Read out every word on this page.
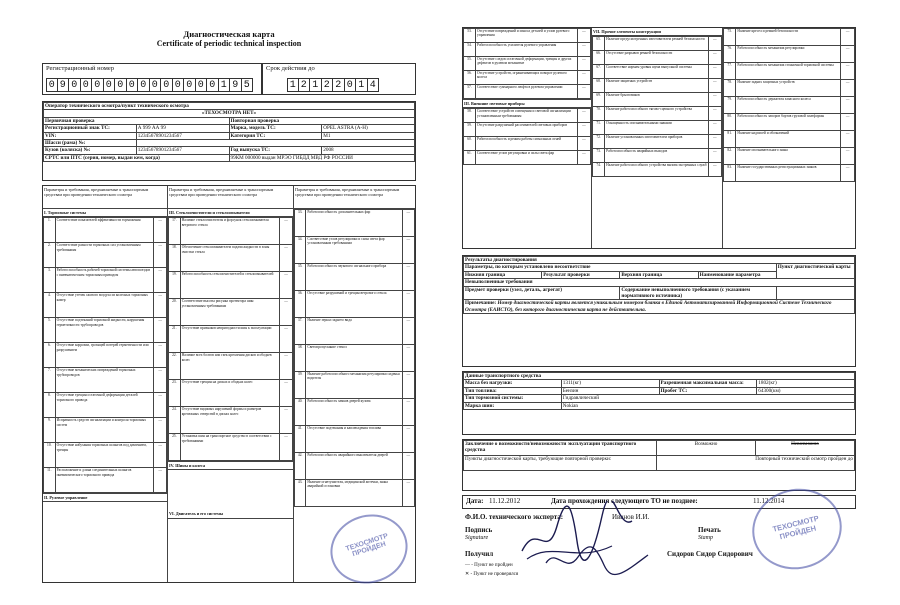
Диагностическая карта
Certificate of periodic technical inspection
Регистрационный номер
0 9 0 0 0 0 0 0 0 0 0 0 0 0 0 1 9 5
Срок действия до
1 2 1 2 2 0 1 4
Оператор технического осмотра/пункт технического осмотра			
«ТЕХОСМОТРА НЕТ»			
Первичная проверка		Повторная проверка	
Регистрационный знак ТС:	А 999 АА 99	Марка, модель ТС:	OPEL ASTRA (A-H)
VIN:	12345678901234567	Категория ТС:	M1
Шасси (рама) №:			
Кузов (коляска) №:	12345678901234567	Год выпуска ТС:	2008
СРТС или ПТС (серия, номер, выдан кем, когда)		99КМ 000000 выдан МРЭО ГИБДД МВД РФ РОССИИ	
Параметры и требования, предъявляемые к транспортным средствам при проведении технического осмотра
I. Тормозные системы
1.	Соответствие показателей эффективности торможения	—
2.	Соответствие разности тормозных сил установленным требованиям	—
3.	Работоспособность рабочей тормозной системы автопоездов с пневматическим тормозным приводом	—
4.	Отсутствие утечек сжатого воздуха из колесных тормозных камер	—
5.	Отсутствие подтеканий тормозной жидкости, нарушения герметичности трубопроводов	—
6.	Отсутствие коррозии, грозящей потерей герметичности или разрушением	—
7.	Отсутствие механических повреждений тормозных трубопроводов	—
8.	Отсутствие трещин остаточной деформации деталей тормозного привода	—
9.	Исправность средств сигнализации и контроля тормозных систем	—
10.	Отсутствие набухания тормозных шлангов под давлением, трещин	—
11.	Расположение и длина соединительных шлангов пневматического тормозного привода	—
II. Рулевое управление
Параметры и требования, предъявляемые к транспортным средствам при проведении технического осмотра
III. Стеклоочистители и стеклоомыватели
17.	Наличие стеклоочистителя и форсунок стеклоомывателя ветрового стекла	—
18.	Обеспечение стеклоомывателем подачи жидкости в зоны очистки стекла	—
19.	Работоспособность стеклоочистителей и стеклоомывателей	—
20.	Соответствие высоты рисунка протектора шин установленным требованиям	—
21.	Отсутствие признаков непригодности шин к эксплуатации	—
22.	Наличие всех болтов или гаек крепления дисков и ободьев колес	—
23.	Отсутствие трещин на дисках и ободьях колес	—
24.	Отсутствие видимых нарушений формы и размеров крепежных отверстий в дисках колес	—
25.	Установка шин на транспортное средство в соответствии с требованиями	—
IV. Шины и колеса
VI. Двигатель и его системы
Параметры и требования, предъявляемые к транспортным средствам при проведении технического осмотра
33.	Работоспособность дополнительных фар	—
34.	Соответствие углов регулировки и силы света фар установленным требованиям	—
35.	Работоспособность звукового сигнального прибора	—
36.	Отсутствие разрушений и трещин ветрового стекла	—
37.	Наличие зеркал заднего вида	—
38.	Светопропускание стекол	—
39.	Наличие работоспособного механизма регулировки сиденья водителя	—
40.	Работоспособность замков дверей кузова	—
41.	Отсутствие подтекания и каплепадения топлива	—
42.	Работоспособность аварийного выключателя дверей	—
43.	Наличие огнетушителя, медицинской аптечки, знака аварийной остановки	—
ТЕХОСМОТР ПРОЙДЕН
53.	Отсутствие повреждений и износа деталей и узлов рулевого управления	—
54.	Работоспособность усилителя рулевого управления	—
55.	Отсутствие следов остаточной деформации, трещин и других дефектов в рулевом механизме	—
56.	Отсутствие устройств, ограничивающих поворот рулевого колеса	—
57.	Соответствие суммарного люфта в рулевом управлении	—
III. Внешние световые приборы
58.	Соответствие устройств освещения и световой сигнализации установленным требованиям	—
59.	Отсутствие разрушений рассеивателей световых приборов	—
60.	Работоспособность и режим работы сигнальных огней	—
61.	Соответствие углов регулировки и силы света фар	—
VII. Прочие элементы конструкции
65.	Наличие предусмотренных изготовителем ремней безопасности	—
66.	Отсутствие разрывов ремней безопасности	—
67.	Соответствие нормам уровня шума выпускной системы	—
68.	Наличие защитных устройств	—
69.	Наличие брызговиков	—
70.	Наличие работоспособного тягово-сцепного устройства	—
71.	Оснащенность опознавательными знаками	—
72.	Наличие установленных изготовителем приборов	—
73.	Работоспособность аварийных выходов	—
74.	Наличие работоспособного устройства вызова экстренных служб	—
75.	Наличие кресел и ремней безопасности	—
76.	Работоспособность механизма регулировки	—
77.	Работоспособность механизма стояночной тормозной системы	—
78.	Наличие задних защитных устройств	—
79.	Работоспособность держателя запасного колеса	—
80.	Работоспособность запоров бортов грузовой платформы	—
81.	Наличие надписей и обозначений	—
82.	Наличие опознавательного знака	—
83.	Наличие государственных регистрационных знаков	—
Результаты диагностирования				
Параметры, по которым установлено несоответствие				Пункт диагностической карты
Нижняя граница	Результат проверки	Верхняя граница	Наименование параметра	
Невыполненные требования				
Предмет проверки (узел, деталь, агрегат)		Содержание невыполненного требования (с указанием нормативного источника)		
Примечание: Номер диагностической карты является уникальным номером бланка в Единой Автоматизированной Информационной Системе Технического Осмотра (ЕАИСТО), без которого диагностическая карта не действительна.				
Данные транспортного средства			
Масса без нагрузки:	1311(кг)	Разрешенная максимальная масса:	1802(кг)
Тип топлива:	Бензин	Пробег ТС:	64300(км)
Тип тормозной системы:	Гидравлический		
Марка шин:	Nokian		
Заключение о возможности/невозможности эксплуатации транспортного средства	Возможно	Невозможно
Пункты диагностической карты, требующие повторной проверки:	Повторный технический осмотр пройден до	
Дата: 11.12.2012	Дата прохождения следующего ТО не позднее:	11.12.2014
Ф.И.О. технического эксперта:	Иванов И.И.
Подпись
Signature
Печать
Stamp
Получил	Сидоров Сидор Сидорович
— - Пункт не пройден
✕ - Пункт не проверялся
ТЕХОСМОТР ПРОЙДЕН
